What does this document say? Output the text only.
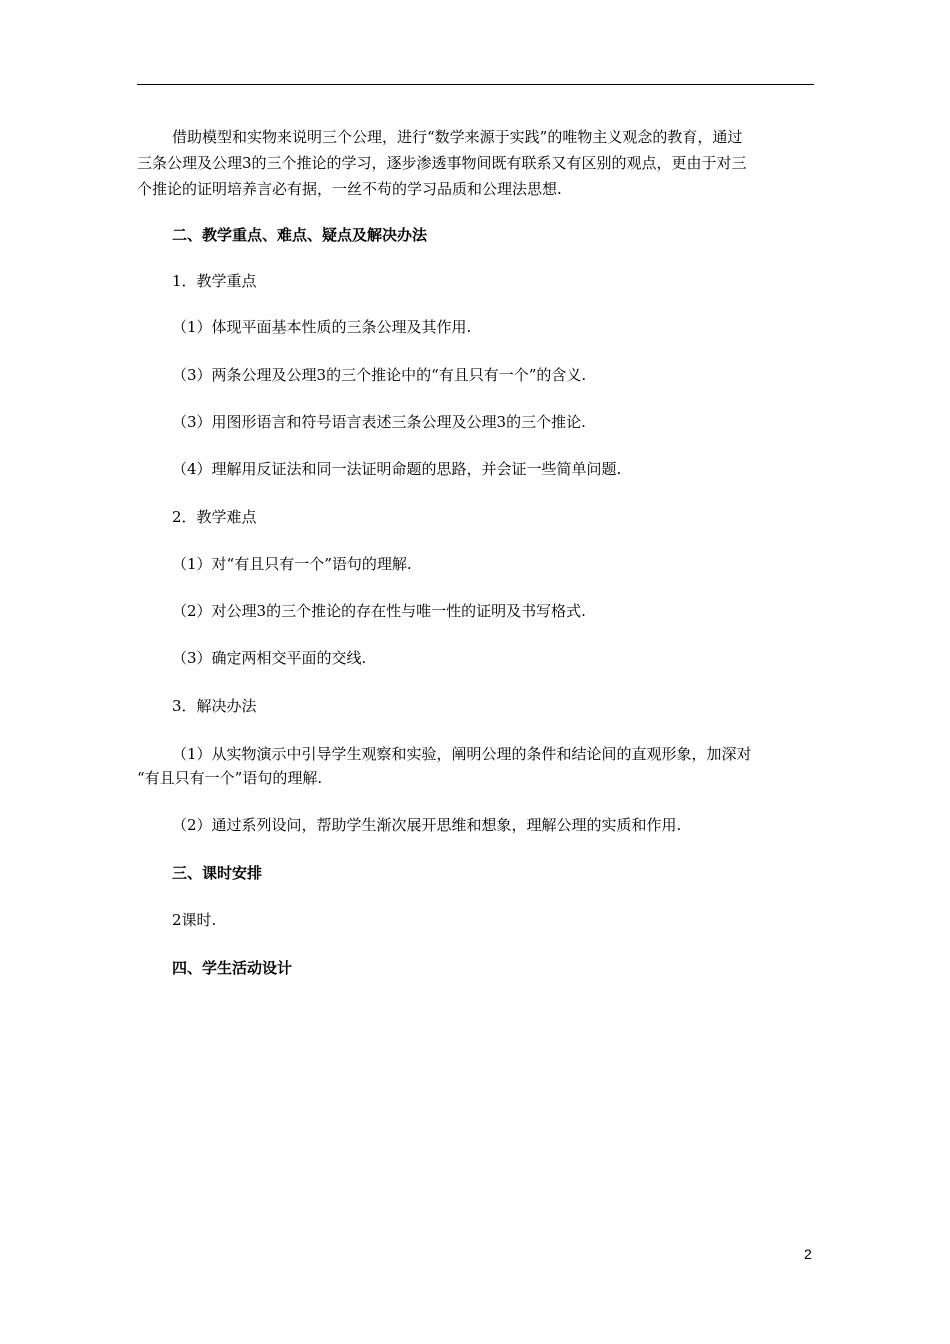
借助模型和实物来说明三个公理，进行“数学来源于实践”的唯物主义观念的教育，通过
三条公理及公理3的三个推论的学习，逐步渗透事物间既有联系又有区别的观点，更由于对三
个推论的证明培养言必有据，一丝不苟的学习品质和公理法思想.
二、教学重点、难点、疑点及解决办法
1．教学重点
（1）体现平面基本性质的三条公理及其作用.
（3）两条公理及公理3的三个推论中的“有且只有一个”的含义.
（3）用图形语言和符号语言表述三条公理及公理3的三个推论.
（4）理解用反证法和同一法证明命题的思路，并会证一些简单问题.
2．教学难点
（1）对“有且只有一个”语句的理解.
（2）对公理3的三个推论的存在性与唯一性的证明及书写格式.
（3）确定两相交平面的交线.
3．解决办法
（1）从实物演示中引导学生观察和实验，阐明公理的条件和结论间的直观形象，加深对
“有且只有一个”语句的理解.
（2）通过系列设问，帮助学生渐次展开思维和想象，理解公理的实质和作用.
三、课时安排
2课时.
四、学生活动设计
2
